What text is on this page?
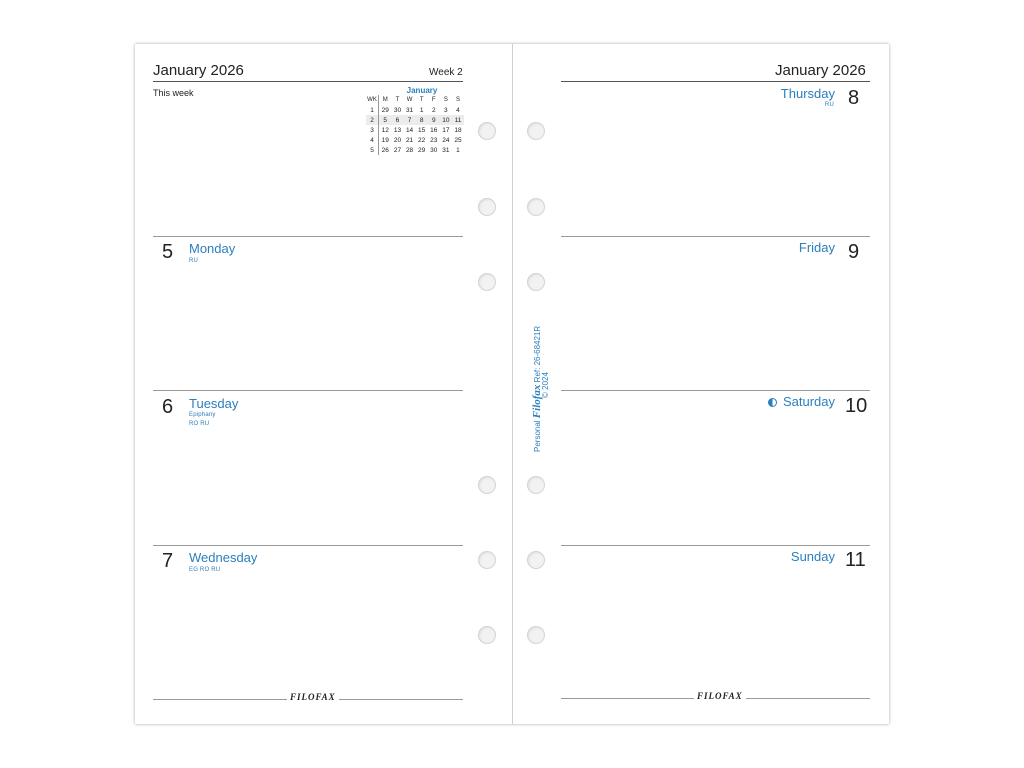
January 2026	Week 2
This week	January
WK	M	T	W	T	F	S	S
1	29	30	31	1	2	3	4
2	5	6	7	8	9	10	11
3	12	13	14	15	16	17	18
4	19	20	21	22	23	24	25
5	26	27	28	29	30	31	1
5 Monday
RU
6 Tuesday
Epiphany
RO RU
7 Wednesday
EG RO RU
FILOFAX
Personal Filofax Ref: 26-68421R
© 2024
January 2026
Thursday 8
RU
Friday 9
Saturday 10
Sunday 11
FILOFAX
